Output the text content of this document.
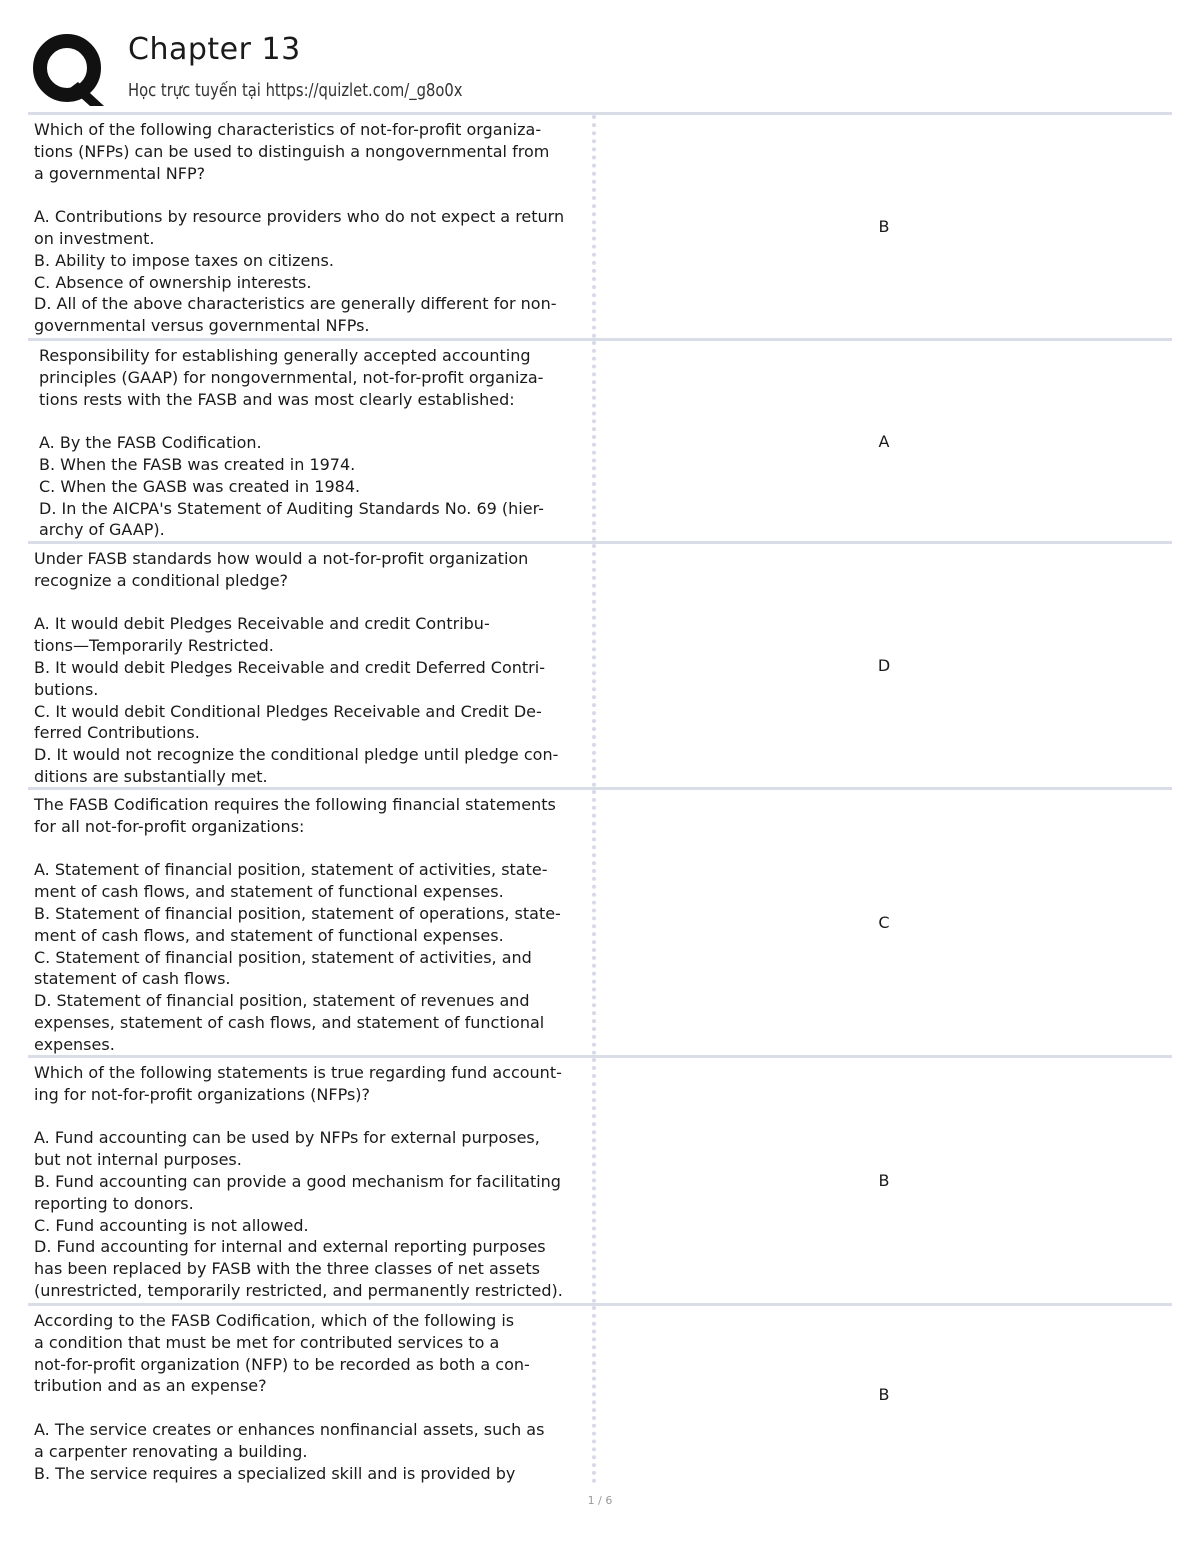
Chapter 13
Học trực tuyến tại https://quizlet.com/_g8o0x
Which of the following characteristics of not-for-profit organiza-
tions (NFPs) can be used to distinguish a nongovernmental from
a governmental NFP?

A. Contributions by resource providers who do not expect a return
on investment.
B. Ability to impose taxes on citizens.
C. Absence of ownership interests.
D. All of the above characteristics are generally different for non-
governmental versus governmental NFPs.
B
Responsibility for establishing generally accepted accounting
principles (GAAP) for nongovernmental, not-for-profit organiza-
tions rests with the FASB and was most clearly established:

A. By the FASB Codification.
B. When the FASB was created in 1974.
C. When the GASB was created in 1984.
D. In the AICPA's Statement of Auditing Standards No. 69 (hier-
archy of GAAP).
A
Under FASB standards how would a not-for-profit organization
recognize a conditional pledge?

A. It would debit Pledges Receivable and credit Contribu-
tions—Temporarily Restricted.
B. It would debit Pledges Receivable and credit Deferred Contri-
butions.
C. It would debit Conditional Pledges Receivable and Credit De-
ferred Contributions.
D. It would not recognize the conditional pledge until pledge con-
ditions are substantially met.
D
The FASB Codification requires the following financial statements
for all not-for-profit organizations:

A. Statement of financial position, statement of activities, state-
ment of cash flows, and statement of functional expenses.
B. Statement of financial position, statement of operations, state-
ment of cash flows, and statement of functional expenses.
C. Statement of financial position, statement of activities, and
statement of cash flows.
D. Statement of financial position, statement of revenues and
expenses, statement of cash flows, and statement of functional
expenses.
C
Which of the following statements is true regarding fund account-
ing for not-for-profit organizations (NFPs)?

A. Fund accounting can be used by NFPs for external purposes,
but not internal purposes.
B. Fund accounting can provide a good mechanism for facilitating
reporting to donors.
C. Fund accounting is not allowed.
D. Fund accounting for internal and external reporting purposes
has been replaced by FASB with the three classes of net assets
(unrestricted, temporarily restricted, and permanently restricted).
B
According to the FASB Codification, which of the following is
a condition that must be met for contributed services to a
not-for-profit organization (NFP) to be recorded as both a con-
tribution and as an expense?

A. The service creates or enhances nonfinancial assets, such as
a carpenter renovating a building.
B. The service requires a specialized skill and is provided by
B
1 / 6
